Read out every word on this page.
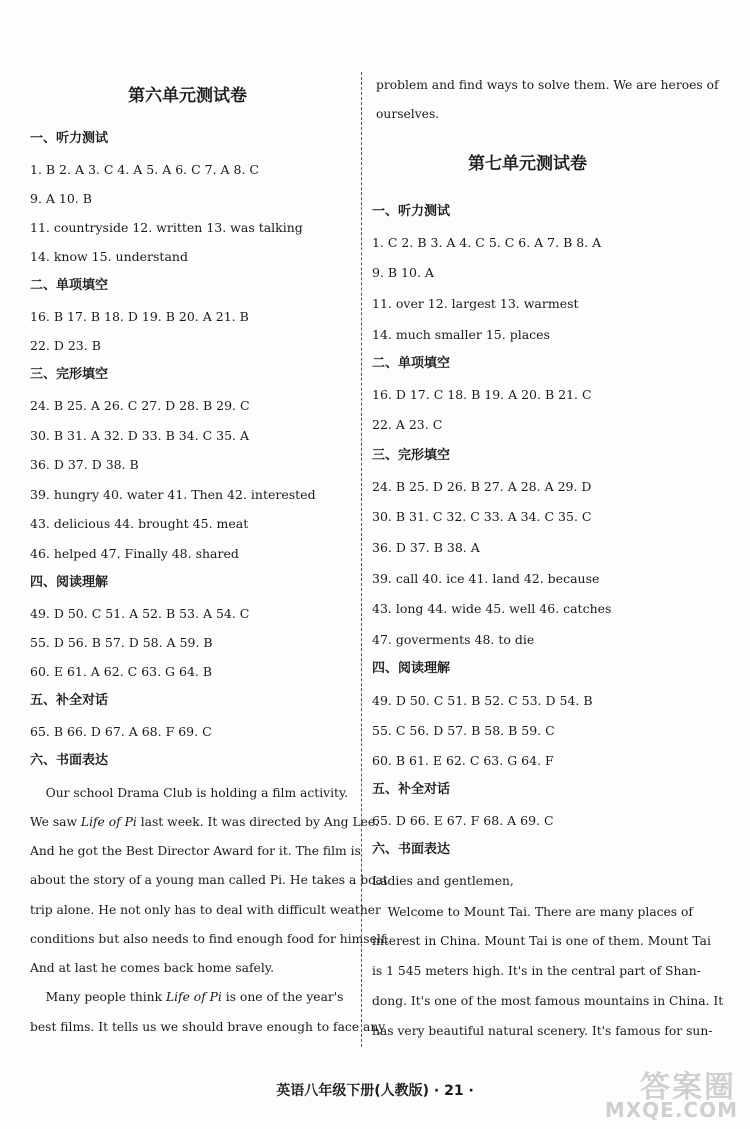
第六单元测试卷
一、听力测试
1. B 2. A 3. C 4. A 5. A 6. C 7. A 8. C
9. A 10. B
11. countryside 12. written 13. was talking
14. know 15. understand
二、单项填空
16. B 17. B 18. D 19. B 20. A 21. B
22. D 23. B
三、完形填空
24. B 25. A 26. C 27. D 28. B 29. C
30. B 31. A 32. D 33. B 34. C 35. A
36. D 37. D 38. B
39. hungry 40. water 41. Then 42. interested
43. delicious 44. brought 45. meat
46. helped 47. Finally 48. shared
四、阅读理解
49. D 50. C 51. A 52. B 53. A 54. C
55. D 56. B 57. D 58. A 59. B
60. E 61. A 62. C 63. G 64. B
五、补全对话
65. B 66. D 67. A 68. F 69. C
六、书面表达
Our school Drama Club is holding a film activity.
We saw Life of Pi last week. It was directed by Ang Lee.
And he got the Best Director Award for it. The film is
about the story of a young man called Pi. He takes a boat
trip alone. He not only has to deal with difficult weather
conditions but also needs to find enough food for himself.
And at last he comes back home safely.
Many people think Life of Pi is one of the year's
best films. It tells us we should brave enough to face any
problem and find ways to solve them. We are heroes of
ourselves.
第七单元测试卷
一、听力测试
1. C 2. B 3. A 4. C 5. C 6. A 7. B 8. A
9. B 10. A
11. over 12. largest 13. warmest
14. much smaller 15. places
二、单项填空
16. D 17. C 18. B 19. A 20. B 21. C
22. A 23. C
三、完形填空
24. B 25. D 26. B 27. A 28. A 29. D
30. B 31. C 32. C 33. A 34. C 35. C
36. D 37. B 38. A
39. call 40. ice 41. land 42. because
43. long 44. wide 45. well 46. catches
47. goverments 48. to die
四、阅读理解
49. D 50. C 51. B 52. C 53. D 54. B
55. C 56. D 57. B 58. B 59. C
60. B 61. E 62. C 63. G 64. F
五、补全对话
65. D 66. E 67. F 68. A 69. C
六、书面表达
Ladies and gentlemen,
Welcome to Mount Tai. There are many places of
interest in China. Mount Tai is one of them. Mount Tai
is 1 545 meters high. It's in the central part of Shan-
dong. It's one of the most famous mountains in China. It
has very beautiful natural scenery. It's famous for sun-
英语八年级下册(人教版) · 21 ·	答案圈
MXQE.COM
